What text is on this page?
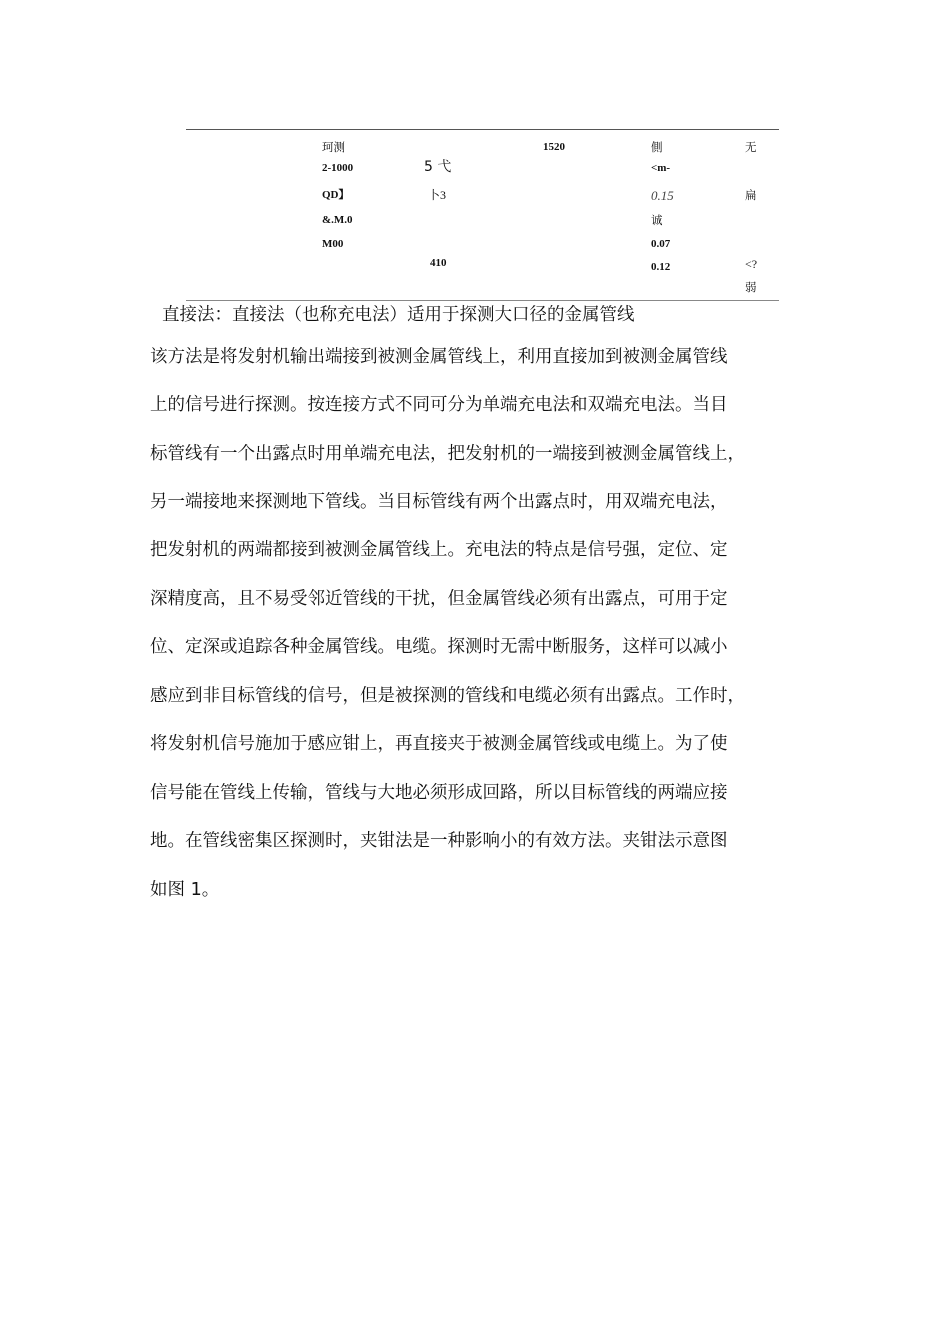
珂测
2-1000
QD】
&.M.0
M00
5 弋
卜3
410
1520	側
<m-
0.15
诚
0.07
0.12
无
扁
<?
弱
直接法：直接法（也称充电法）适用于探测大口径的金属管线
该方法是将发射机输出端接到被测金属管线上，利用直接加到被测金属管线
上的信号进行探测。按连接方式不同可分为单端充电法和双端充电法。当目
标管线有一个出露点时用单端充电法，把发射机的一端接到被测金属管线上，
另一端接地来探测地下管线。当目标管线有两个出露点时，用双端充电法，
把发射机的两端都接到被测金属管线上。充电法的特点是信号强，定位、定
深精度高，且不易受邻近管线的干扰，但金属管线必须有出露点，可用于定
位、定深或追踪各种金属管线。电缆。探测时无需中断服务，这样可以减小
感应到非目标管线的信号，但是被探测的管线和电缆必须有出露点。工作时，
将发射机信号施加于感应钳上，再直接夹于被测金属管线或电缆上。为了使
信号能在管线上传输，管线与大地必须形成回路，所以目标管线的两端应接
地。在管线密集区探测时，夹钳法是一种影响小的有效方法。夹钳法示意图
如图 1。
